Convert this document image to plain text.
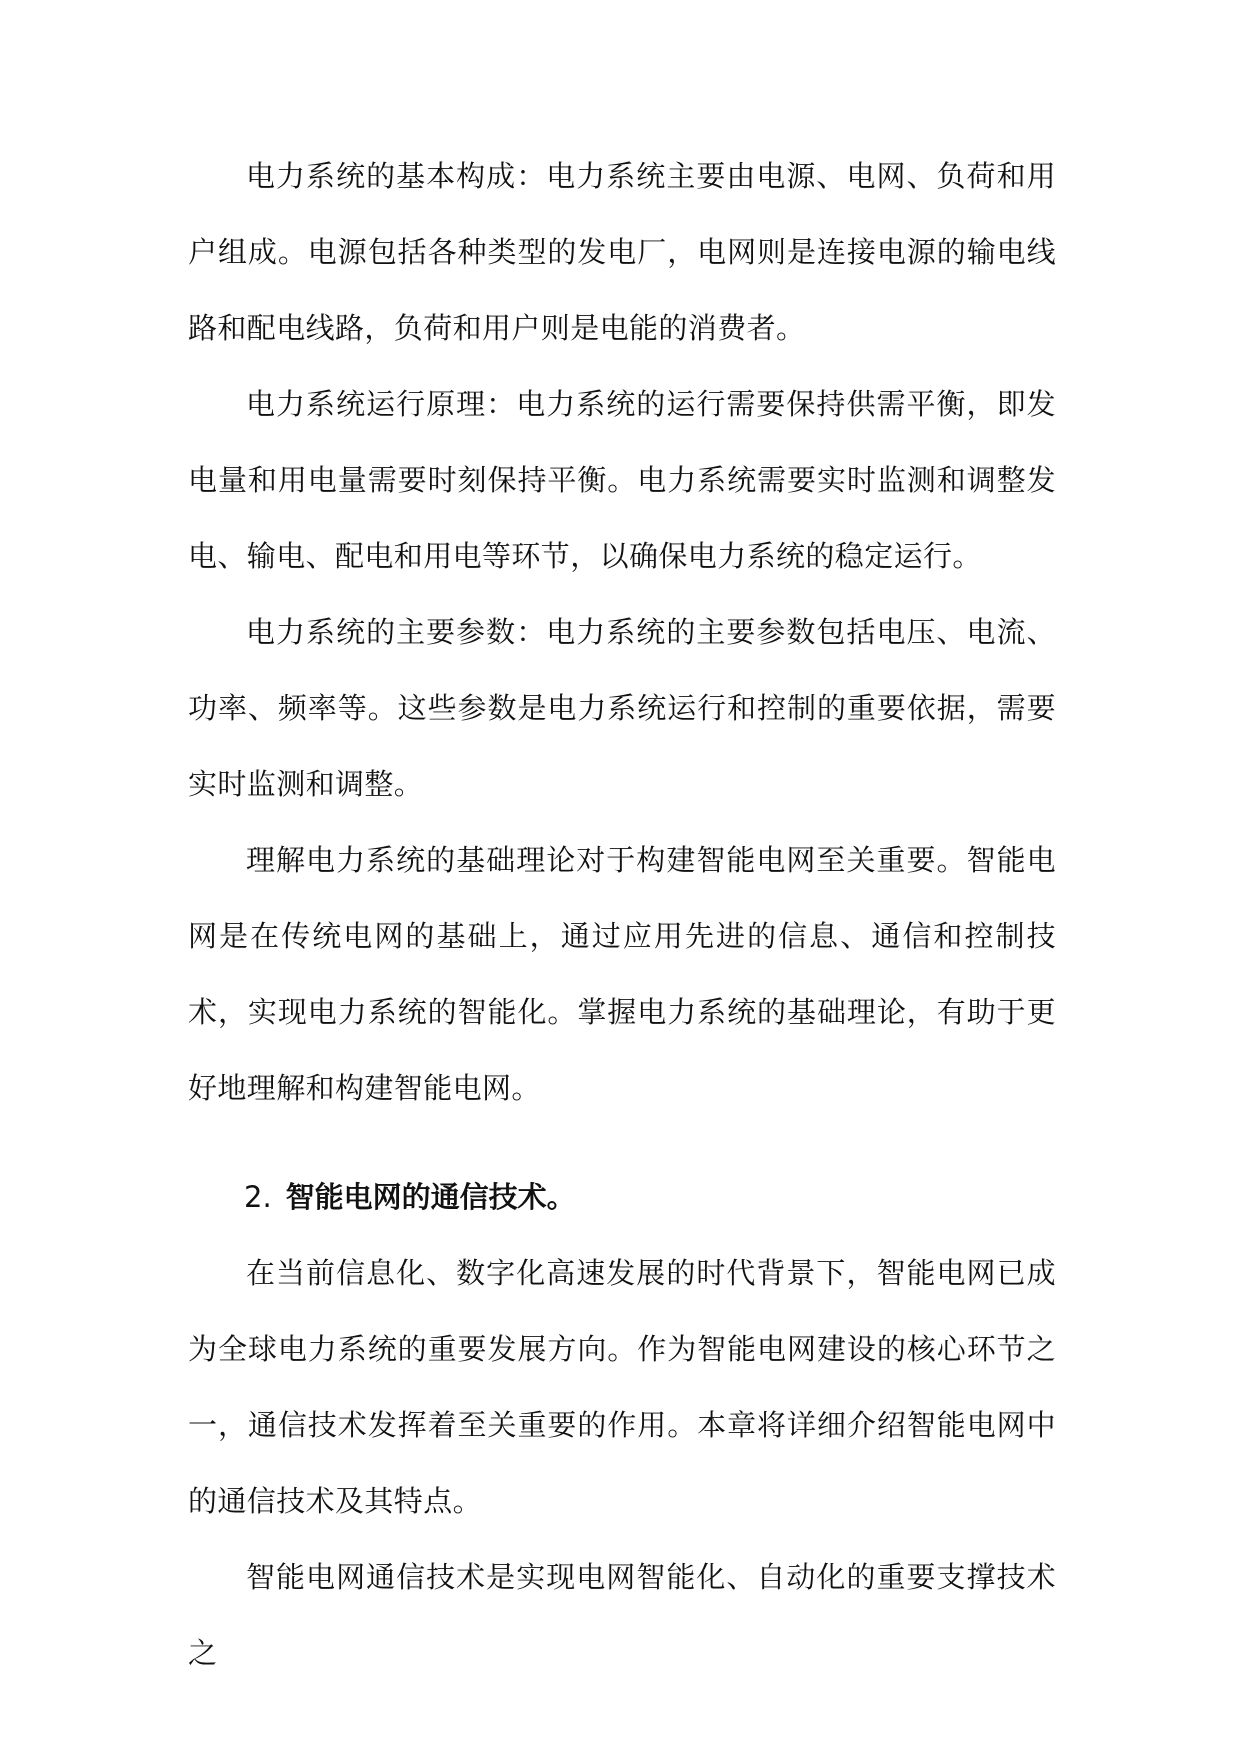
电力系统的基本构成：电力系统主要由电源、电网、负荷和用户组成。电源包括各种类型的发电厂，电网则是连接电源的输电线路和配电线路，负荷和用户则是电能的消费者。

电力系统运行原理：电力系统的运行需要保持供需平衡，即发电量和用电量需要时刻保持平衡。电力系统需要实时监测和调整发电、输电、配电和用电等环节，以确保电力系统的稳定运行。

电力系统的主要参数：电力系统的主要参数包括电压、电流、功率、频率等。这些参数是电力系统运行和控制的重要依据，需要实时监测和调整。

理解电力系统的基础理论对于构建智能电网至关重要。智能电网是在传统电网的基础上，通过应用先进的信息、通信和控制技术，实现电力系统的智能化。掌握电力系统的基础理论，有助于更好地理解和构建智能电网。

2. 智能电网的通信技术。

在当前信息化、数字化高速发展的时代背景下，智能电网已成为全球电力系统的重要发展方向。作为智能电网建设的核心环节之一，通信技术发挥着至关重要的作用。本章将详细介绍智能电网中的通信技术及其特点。

智能电网通信技术是实现电网智能化、自动化的重要支撑技术之
